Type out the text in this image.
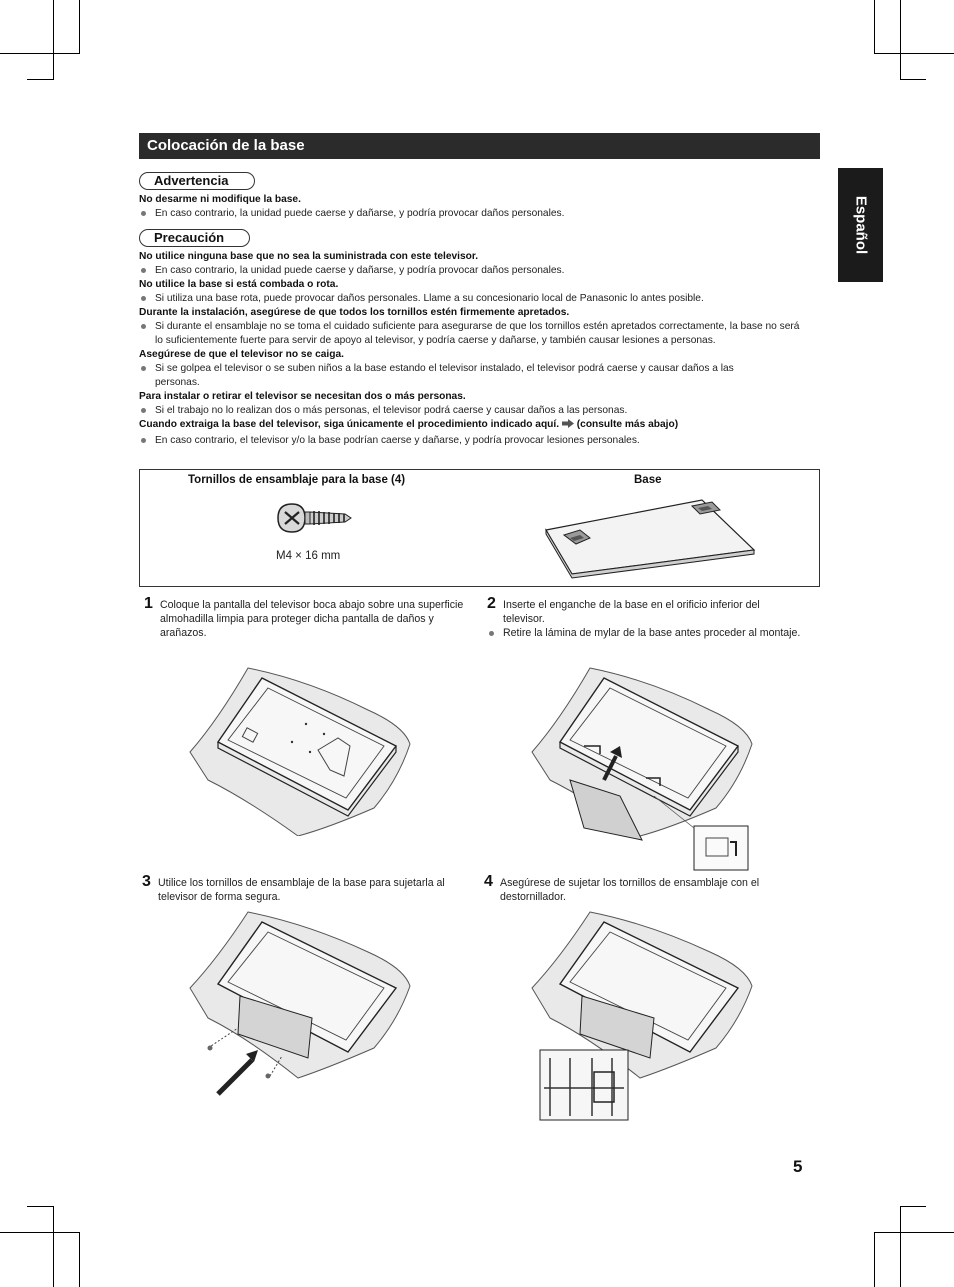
Colocación de la base
Español
Advertencia
No desarme ni modifique la base.
En caso contrario, la unidad puede caerse y dañarse, y podría provocar daños personales.
Precaución
No utilice ninguna base que no sea la suministrada con este televisor.
En caso contrario, la unidad puede caerse y dañarse, y podría provocar daños personales.
No utilice la base si está combada o rota.
Si utiliza una base rota, puede provocar daños personales. Llame a su concesionario local de Panasonic lo antes posible.
Durante la instalación, asegúrese de que todos los tornillos estén firmemente apretados.
Si durante el ensamblaje no se toma el cuidado suficiente para asegurarse de que los tornillos estén apretados correctamente, la base no será lo suficientemente fuerte para servir de apoyo al televisor, y podría caerse y dañarse, y también causar lesiones a personas.
Asegúrese de que el televisor no se caiga.
Si se golpea el televisor o se suben niños a la base estando el televisor instalado, el televisor podrá caerse y causar daños a las personas.
Para instalar o retirar el televisor se necesitan dos o más personas.
Si el trabajo no lo realizan dos o más personas, el televisor podrá caerse y causar daños a las personas.
Cuando extraiga la base del televisor, siga únicamente el procedimiento indicado aquí. (consulte más abajo)
En caso contrario, el televisor y/o la base podrían caerse y dañarse, y podría provocar lesiones personales.
Tornillos de ensamblaje para la base (4)
M4 × 16 mm
Base
1 Coloque la pantalla del televisor boca abajo sobre una superficie almohadilla limpia para proteger dicha pantalla de daños y arañazos.
2 Inserte el enganche de la base en el orificio inferior del televisor.
Retire la lámina de mylar de la base antes proceder al montaje.
3 Utilice los tornillos de ensamblaje de la base para sujetarla al televisor de forma segura.
4 Asegúrese de sujetar los tornillos de ensamblaje con el destornillador.
5
